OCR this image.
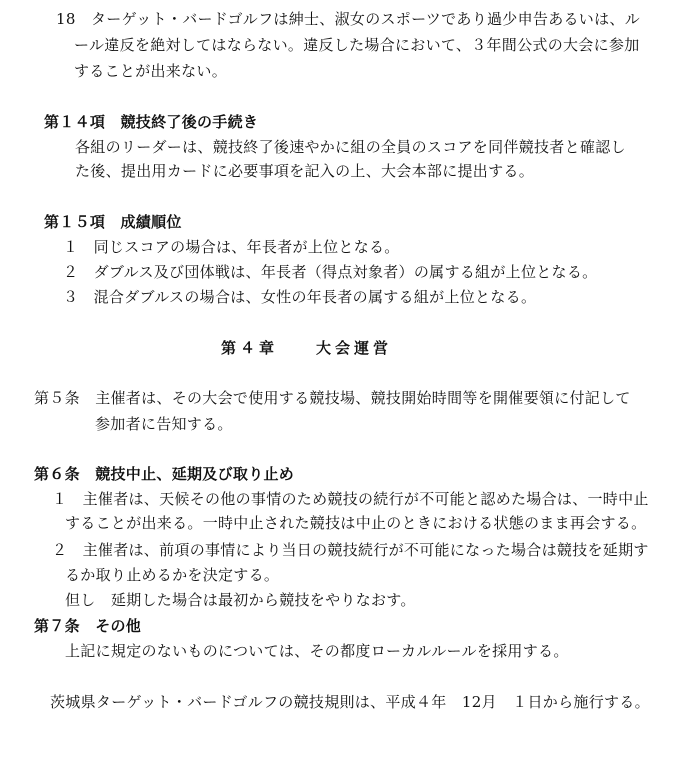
18　ターゲット・バードゴルフは紳士、淑女のスポーツであり過少申告あるいは、ル
ール違反を絶対してはならない。違反した場合において、３年間公式の大会に参加
することが出来ない。
第１４項　競技終了後の手続き
各組のリーダーは、競技終了後速やかに組の全員のスコアを同伴競技者と確認し
た後、提出用カードに必要事項を記入の上、大会本部に提出する。
第１５項　成績順位
１　同じスコアの場合は、年長者が上位となる。
２　ダブルス及び団体戦は、年長者（得点対象者）の属する組が上位となる。
３　混合ダブルスの場合は、女性の年長者の属する組が上位となる。
第４章　　大会運営
第５条　主催者は、その大会で使用する競技場、競技開始時間等を開催要領に付記して
参加者に告知する。
第６条　競技中止、延期及び取り止め
１　主催者は、天候その他の事情のため競技の続行が不可能と認めた場合は、一時中止
することが出来る。一時中止された競技は中止のときにおける状態のまま再会する。
２　主催者は、前項の事情により当日の競技続行が不可能になった場合は競技を延期す
るか取り止めるかを決定する。
但し　延期した場合は最初から競技をやりなおす。
第７条　その他
上記に規定のないものについては、その都度ローカルルールを採用する。
茨城県ターゲット・バードゴルフの競技規則は、平成４年　12月　１日から施行する。
